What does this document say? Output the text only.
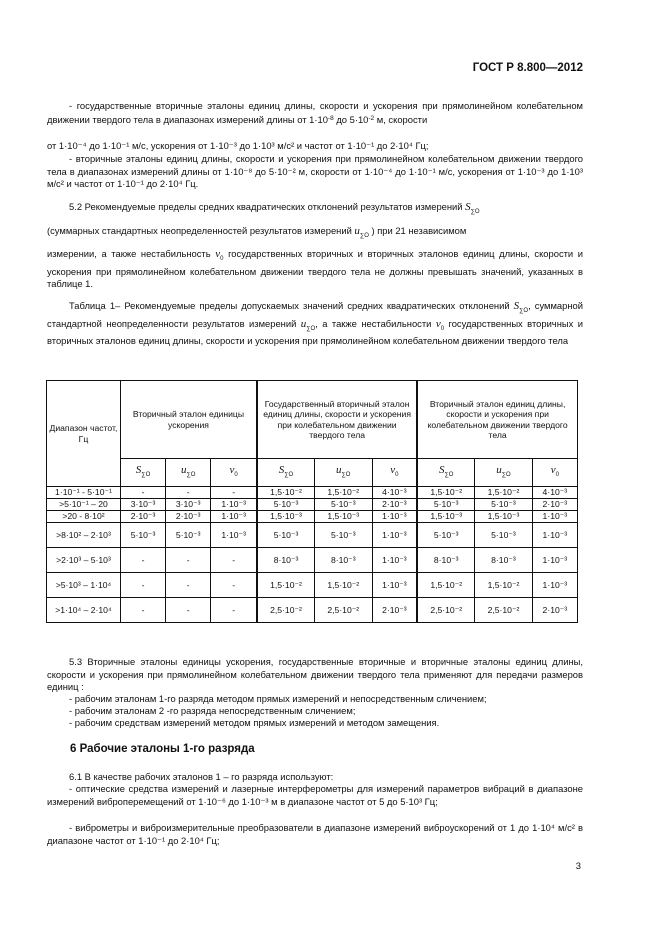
ГОСТ Р 8.800—2012
- государственные вторичные эталоны единиц длины, скорости и ускорения при прямолинейном колебательном движении твердого тела в диапазонах измерений длины от $1\cdot 10^{-8}$ до $5\cdot 10^{-2}$ м, скорости
от 1·10⁻⁴ до 1·10⁻¹ м/с, ускорения от 1·10⁻³ до 1·10³ м/с² и частот от 1·10⁻¹ до 2·10⁴ Гц;
- вторичные эталоны единиц длины, скорости и ускорения при прямолинейном колебательном движении твердого тела в диапазонах измерений длины от 1·10⁻⁸ до 5·10⁻² м, скорости от 1·10⁻⁴ до 1·10⁻¹ м/с, ускорения от 1·10⁻³ до 1·10³ м/с² и частот от 1·10⁻¹ до 2·10⁴ Гц.
5.2 Рекомендуемые пределы средних квадратических отклонений результатов измерений $S_{\sum O}$
(суммарных стандартных неопределенностей результатов измерений $u_{\sum O}$ ) при 21 независимом
измерении, а также нестабильность $\nu_0$ государственных вторичных и вторичных эталонов единиц длины, скорости и ускорения при прямолинейном колебательном движении твердого тела не должны превышать значений, указанных в таблице 1.
Таблица 1– Рекомендуемые пределы допускаемых значений средних квадратических отклонений $S_{\sum O}$, суммарной стандартной неопределенности результатов измерений $u_{\sum O}$, а также нестабильности $\nu_0$ государственных вторичных и вторичных эталонов единиц длины, скорости и ускорения при прямолинейном колебательном движении твердого тела
Диапазон частот, Гц	Вторичный эталон единицы ускорения			Государственный вторичный эталон единиц длины, скорости и ускорения при колебательном движении твердого тела			Вторичный эталон единиц длины, скорости и ускорения при колебательном движении твердого тела		
	$S_{\sum O}$	$u_{\sum O}$	$\nu_0$	$S_{\sum O}$	$u_{\sum O}$	$\nu_0$	$S_{\sum O}$	$u_{\sum O}$	$\nu_0$
1·10⁻¹ - 5·10⁻¹	-	-	-	1,5·10⁻²	1,5·10⁻²	4·10⁻³	1,5·10⁻²	1,5·10⁻²	4·10⁻³
>5·10⁻¹ – 20	3·10⁻³	3·10⁻³	1·10⁻³	5·10⁻³	5·10⁻³	2·10⁻³	5·10⁻³	5·10⁻³	2·10⁻³
>20 - 8·10²	2·10⁻³	2·10⁻³	1·10⁻³	1,5·10⁻³	1,5·10⁻³	1·10⁻³	1,5·10⁻³	1,5·10⁻³	1·10⁻³
>8·10² – 2·10³	5·10⁻³	5·10⁻³	1·10⁻³	5·10⁻³	5·10⁻³	1·10⁻³	5·10⁻³	5·10⁻³	1·10⁻³
>2·10³ – 5·10³	-	-	-	8·10⁻³	8·10⁻³	1·10⁻³	8·10⁻³	8·10⁻³	1·10⁻³
>5·10³ – 1·10⁴	-	-	-	1,5·10⁻²	1,5·10⁻²	1·10⁻³	1,5·10⁻²	1,5·10⁻²	1·10⁻³
>1·10⁴ – 2·10⁴	-	-	-	2,5·10⁻²	2,5·10⁻²	2·10⁻³	2,5·10⁻²	2,5·10⁻²	2·10⁻³
5.3 Вторичные эталоны единицы ускорения, государственные вторичные и вторичные эталоны единиц длины, скорости и ускорения при прямолинейном колебательном движении твердого тела применяют для передачи размеров единиц :
- рабочим эталонам 1-го разряда методом прямых измерений и непосредственным сличением;
- рабочим эталонам 2 -го разряда непосредственным сличением;
- рабочим средствам измерений методом прямых измерений и методом замещения.
6 Рабочие эталоны 1-го разряда
6.1 В качестве рабочих эталонов 1 – го разряда используют:
- оптические средства измерений и лазерные интерферометры для измерений параметров вибраций в диапазоне измерений виброперемещений от 1·10⁻⁶ до 1·10⁻³ м в диапазоне частот от 5 до 5·10³ Гц;
- виброметры и виброизмерительные преобразователи в диапазоне измерений виброускорений от 1 до 1·10⁴ м/с² в диапазоне частот от 1·10⁻¹ до 2·10⁴ Гц;
3
